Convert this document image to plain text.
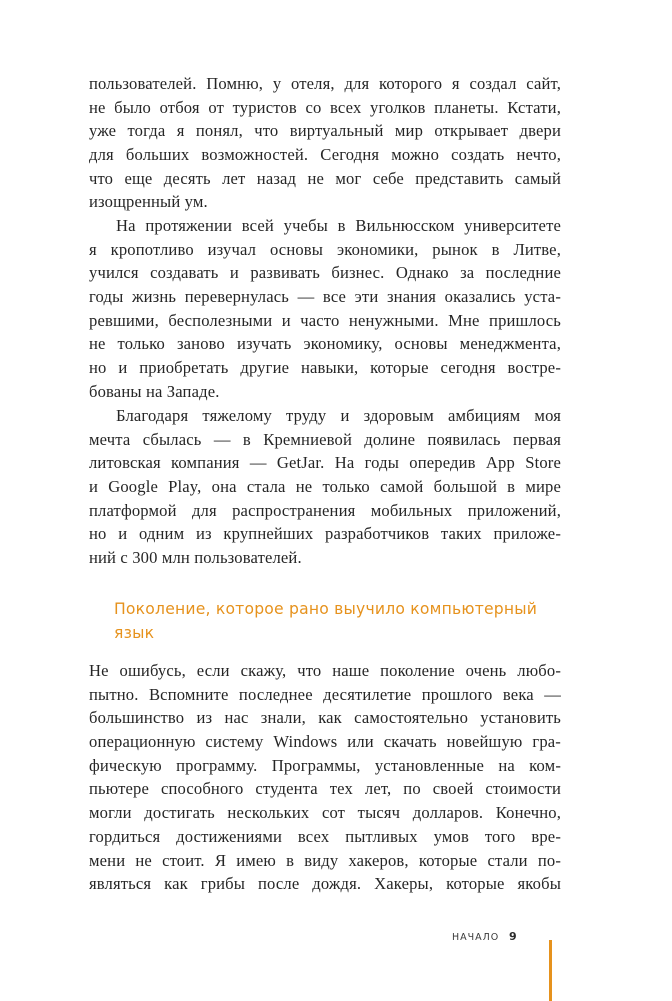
пользователей. Помню, у отеля, для которого я создал сайт,
не было отбоя от туристов со всех уголков планеты. Кстати,
уже тогда я понял, что виртуальный мир открывает двери
для больших возможностей. Сегодня можно создать нечто,
что еще десять лет назад не мог себе представить самый
изощренный ум.
На протяжении всей учебы в Вильнюсском университете
я кропотливо изучал основы экономики, рынок в Литве,
учился создавать и развивать бизнес. Однако за последние
годы жизнь перевернулась — все эти знания оказались уста-
ревшими, бесполезными и часто ненужными. Мне пришлось
не только заново изучать экономику, основы менеджмента,
но и приобретать другие навыки, которые сегодня востре-
бованы на Западе.
Благодаря тяжелому труду и здоровым амбициям моя
мечта сбылась — в Кремниевой долине появилась первая
литовская компания — GetJar. На годы опередив App Store
и Google Play, она стала не только самой большой в мире
платформой для распространения мобильных приложений,
но и одним из крупнейших разработчиков таких приложе-
ний с 300 млн пользователей.
Поколение, которое рано выучило компьютерный
язык
Не ошибусь, если скажу, что наше поколение очень любо-
пытно. Вспомните последнее десятилетие прошлого века —
большинство из нас знали, как самостоятельно установить
операционную систему Windows или скачать новейшую гра-
фическую программу. Программы, установленные на ком-
пьютере способного студента тех лет, по своей стоимости
могли достигать нескольких сот тысяч долларов. Конечно,
гордиться достижениями всех пытливых умов того вре-
мени не стоит. Я имею в виду хакеров, которые стали по-
являться как грибы после дождя. Хакеры, которые якобы
НАЧАЛО 9
